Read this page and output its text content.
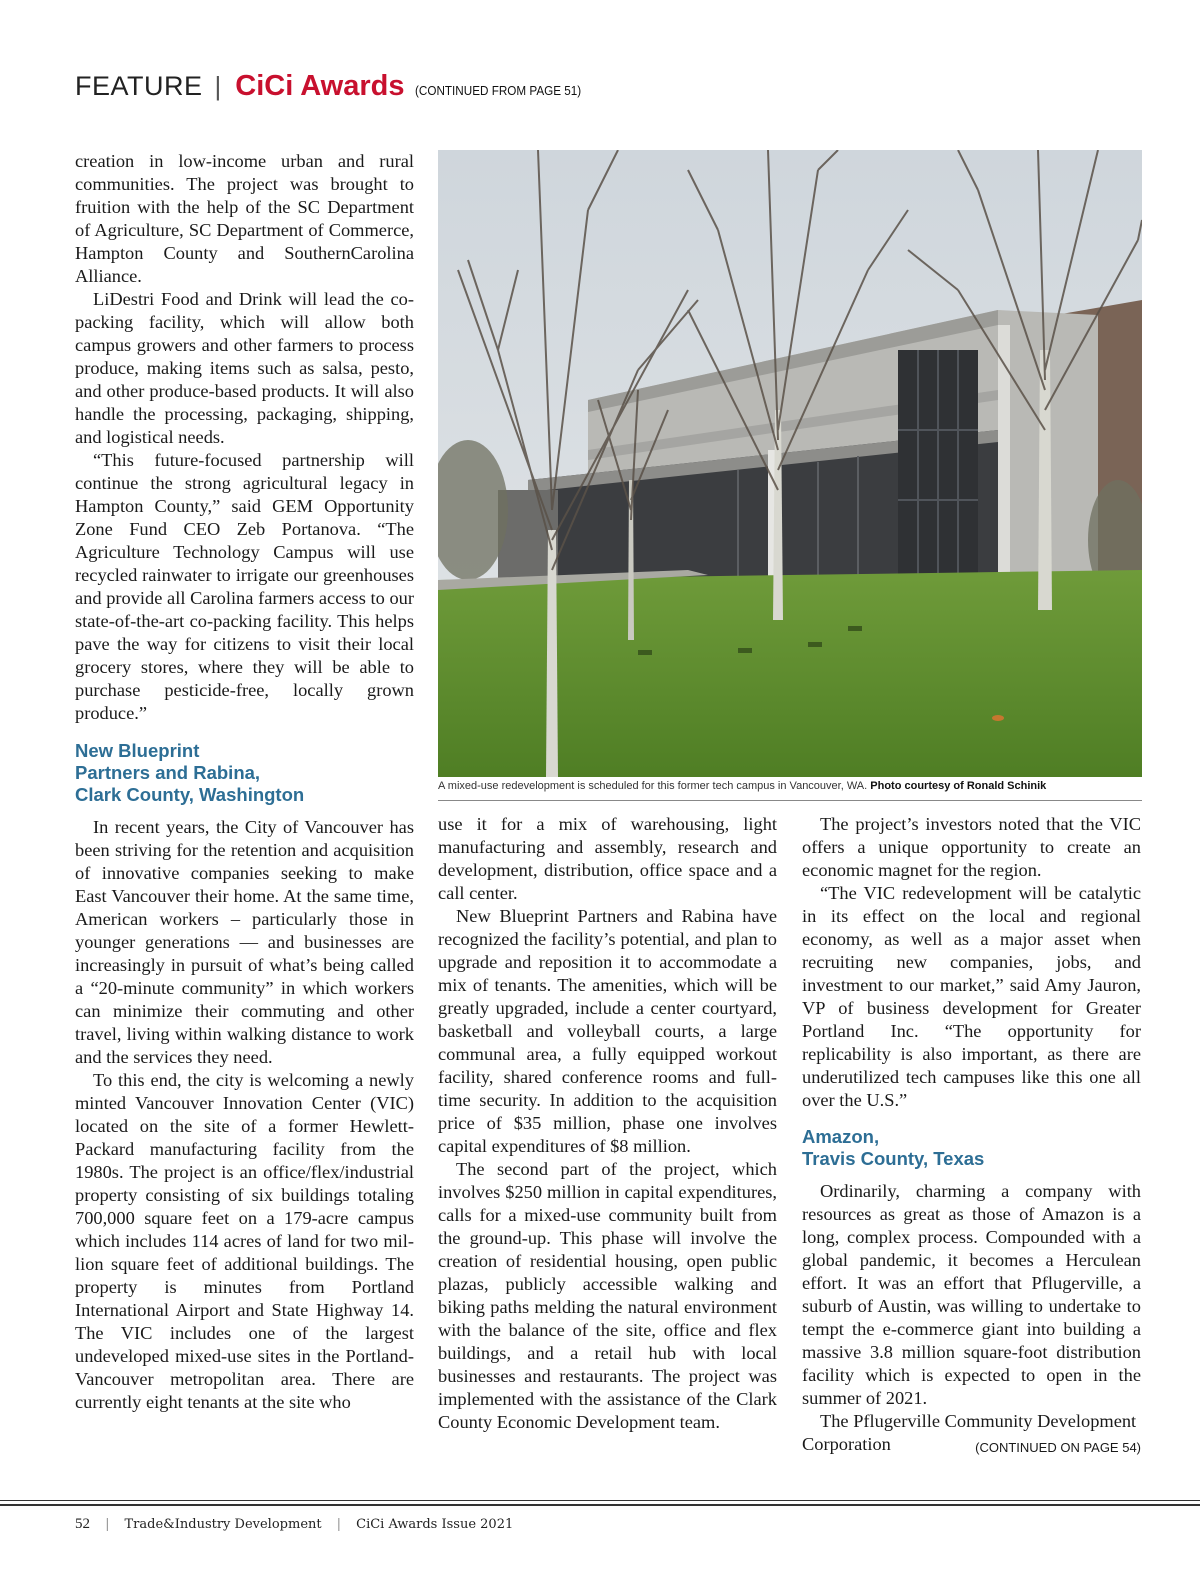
FEATURE | CiCi Awards (CONTINUED FROM PAGE 51)

creation in low-income urban and rural communities. The project was brought to fruition with the help of the SC Department of Agriculture, SC Department of Commerce, Hampton County and SouthernCarolina Alliance.

LiDestri Food and Drink will lead the co-packing facility, which will allow both campus growers and other farmers to process produce, making items such as salsa, pesto, and other produce-based products. It will also handle the processing, packaging, shipping, and logistical needs.

“This future-focused partnership will continue the strong agricultural legacy in Hampton County,” said GEM Opportunity Zone Fund CEO Zeb Portanova. “The Agriculture Technology Campus will use recycled rainwater to irrigate our greenhouses and provide all Carolina farmers access to our state-of-the-art co-packing facility. This helps pave the way for citizens to visit their local grocery stores, where they will be able to purchase pesticide-free, locally grown produce.”

New Blueprint
Partners and Rabina,
Clark County, Washington

In recent years, the City of Vancouver has been striving for the retention and acquisition of innovative companies seeking to make East Vancouver their home. At the same time, American workers – particularly those in younger generations — and businesses are increasingly in pursuit of what’s being called a “20-minute community” in which workers can minimize their commuting and other travel, living within walking distance to work and the services they need.

To this end, the city is welcoming a newly minted Vancouver Innovation Center (VIC) located on the site of a former Hewlett-Packard manufacturing facility from the 1980s. The project is an office/flex/industrial property consisting of six buildings totaling 700,000 square feet on a 179-acre campus which includes 114 acres of land for two million square feet of additional buildings. The property is minutes from Portland International Airport and State Highway 14. The VIC includes one of the largest undeveloped mixed-use sites in the Portland-Vancouver metropolitan area. There are currently eight tenants at the site who

A mixed-use redevelopment is scheduled for this former tech campus in Vancouver, WA. Photo courtesy of Ronald Schinik

use it for a mix of warehousing, light manufacturing and assembly, research and development, distribution, office space and a call center.

New Blueprint Partners and Rabina have recognized the facility’s potential, and plan to upgrade and reposition it to accommodate a mix of tenants. The amenities, which will be greatly upgraded, include a center courtyard, basketball and volleyball courts, a large communal area, a fully equipped workout facility, shared conference rooms and full-time security. In addition to the acquisition price of $35 million, phase one involves capital expenditures of $8 million.

The second part of the project, which involves $250 million in capital expenditures, calls for a mixed-use community built from the ground-up. This phase will involve the creation of residential housing, open public plazas, publicly accessible walking and biking paths melding the natural environment with the balance of the site, office and flex buildings, and a retail hub with local businesses and restaurants. The project was implemented with the assistance of the Clark County Economic Development team.

The project’s investors noted that the VIC offers a unique opportunity to create an economic magnet for the region.

“The VIC redevelopment will be catalytic in its effect on the local and regional economy, as well as a major asset when recruiting new companies, jobs, and investment to our market,” said Amy Jauron, VP of business development for Greater Portland Inc. “The opportunity for replicability is also important, as there are underutilized tech campuses like this one all over the U.S.”

Amazon,
Travis County, Texas

Ordinarily, charming a company with resources as great as those of Amazon is a long, complex process. Compounded with a global pandemic, it becomes a Herculean effort. It was an effort that Pflugerville, a suburb of Austin, was willing to undertake to tempt the e-commerce giant into building a massive 3.8 million square-foot distribution facility which is expected to open in the summer of 2021.

The Pflugerville Community Development Corporation	(CONTINUED ON PAGE 54)

52 | Trade&Industry Development | CiCi Awards Issue 2021
